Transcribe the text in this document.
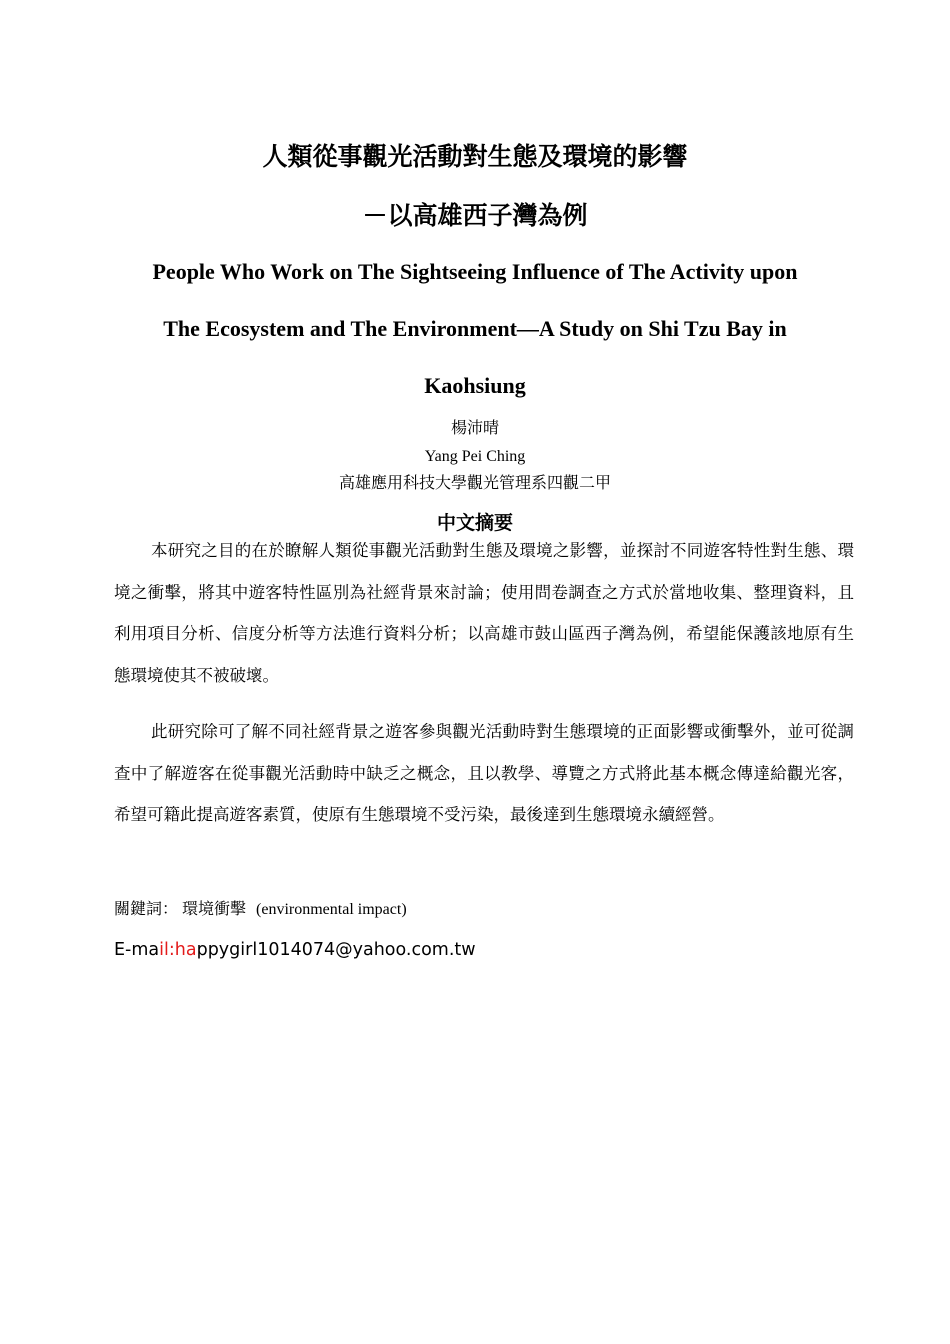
人類從事觀光活動對生態及環境的影響
－以高雄西子灣為例
People Who Work on The Sightseeing Influence of The Activity upon
The Ecosystem and The Environment—A Study on Shi Tzu Bay in
Kaohsiung
楊沛晴
Yang Pei Ching
高雄應用科技大學觀光管理系四觀二甲
中文摘要

本研究之目的在於瞭解人類從事觀光活動對生態及環境之影響，並探討不同遊客特性對生態、環境之衝擊，將其中遊客特性區別為社經背景來討論；使用問卷調查之方式於當地收集、整理資料，且利用項目分析、信度分析等方法進行資料分析；以高雄市鼓山區西子灣為例，希望能保護該地原有生態環境使其不被破壞。

此研究除可了解不同社經背景之遊客參與觀光活動時對生態環境的正面影響或衝擊外，並可從調查中了解遊客在從事觀光活動時中缺乏之概念，且以教學、導覽之方式將此基本概念傳達給觀光客，希望可籍此提高遊客素質，使原有生態環境不受污染，最後達到生態環境永續經營。

關鍵詞： 環境衝擊 (environmental impact)
E-mail:happygirl1014074@yahoo.com.tw
